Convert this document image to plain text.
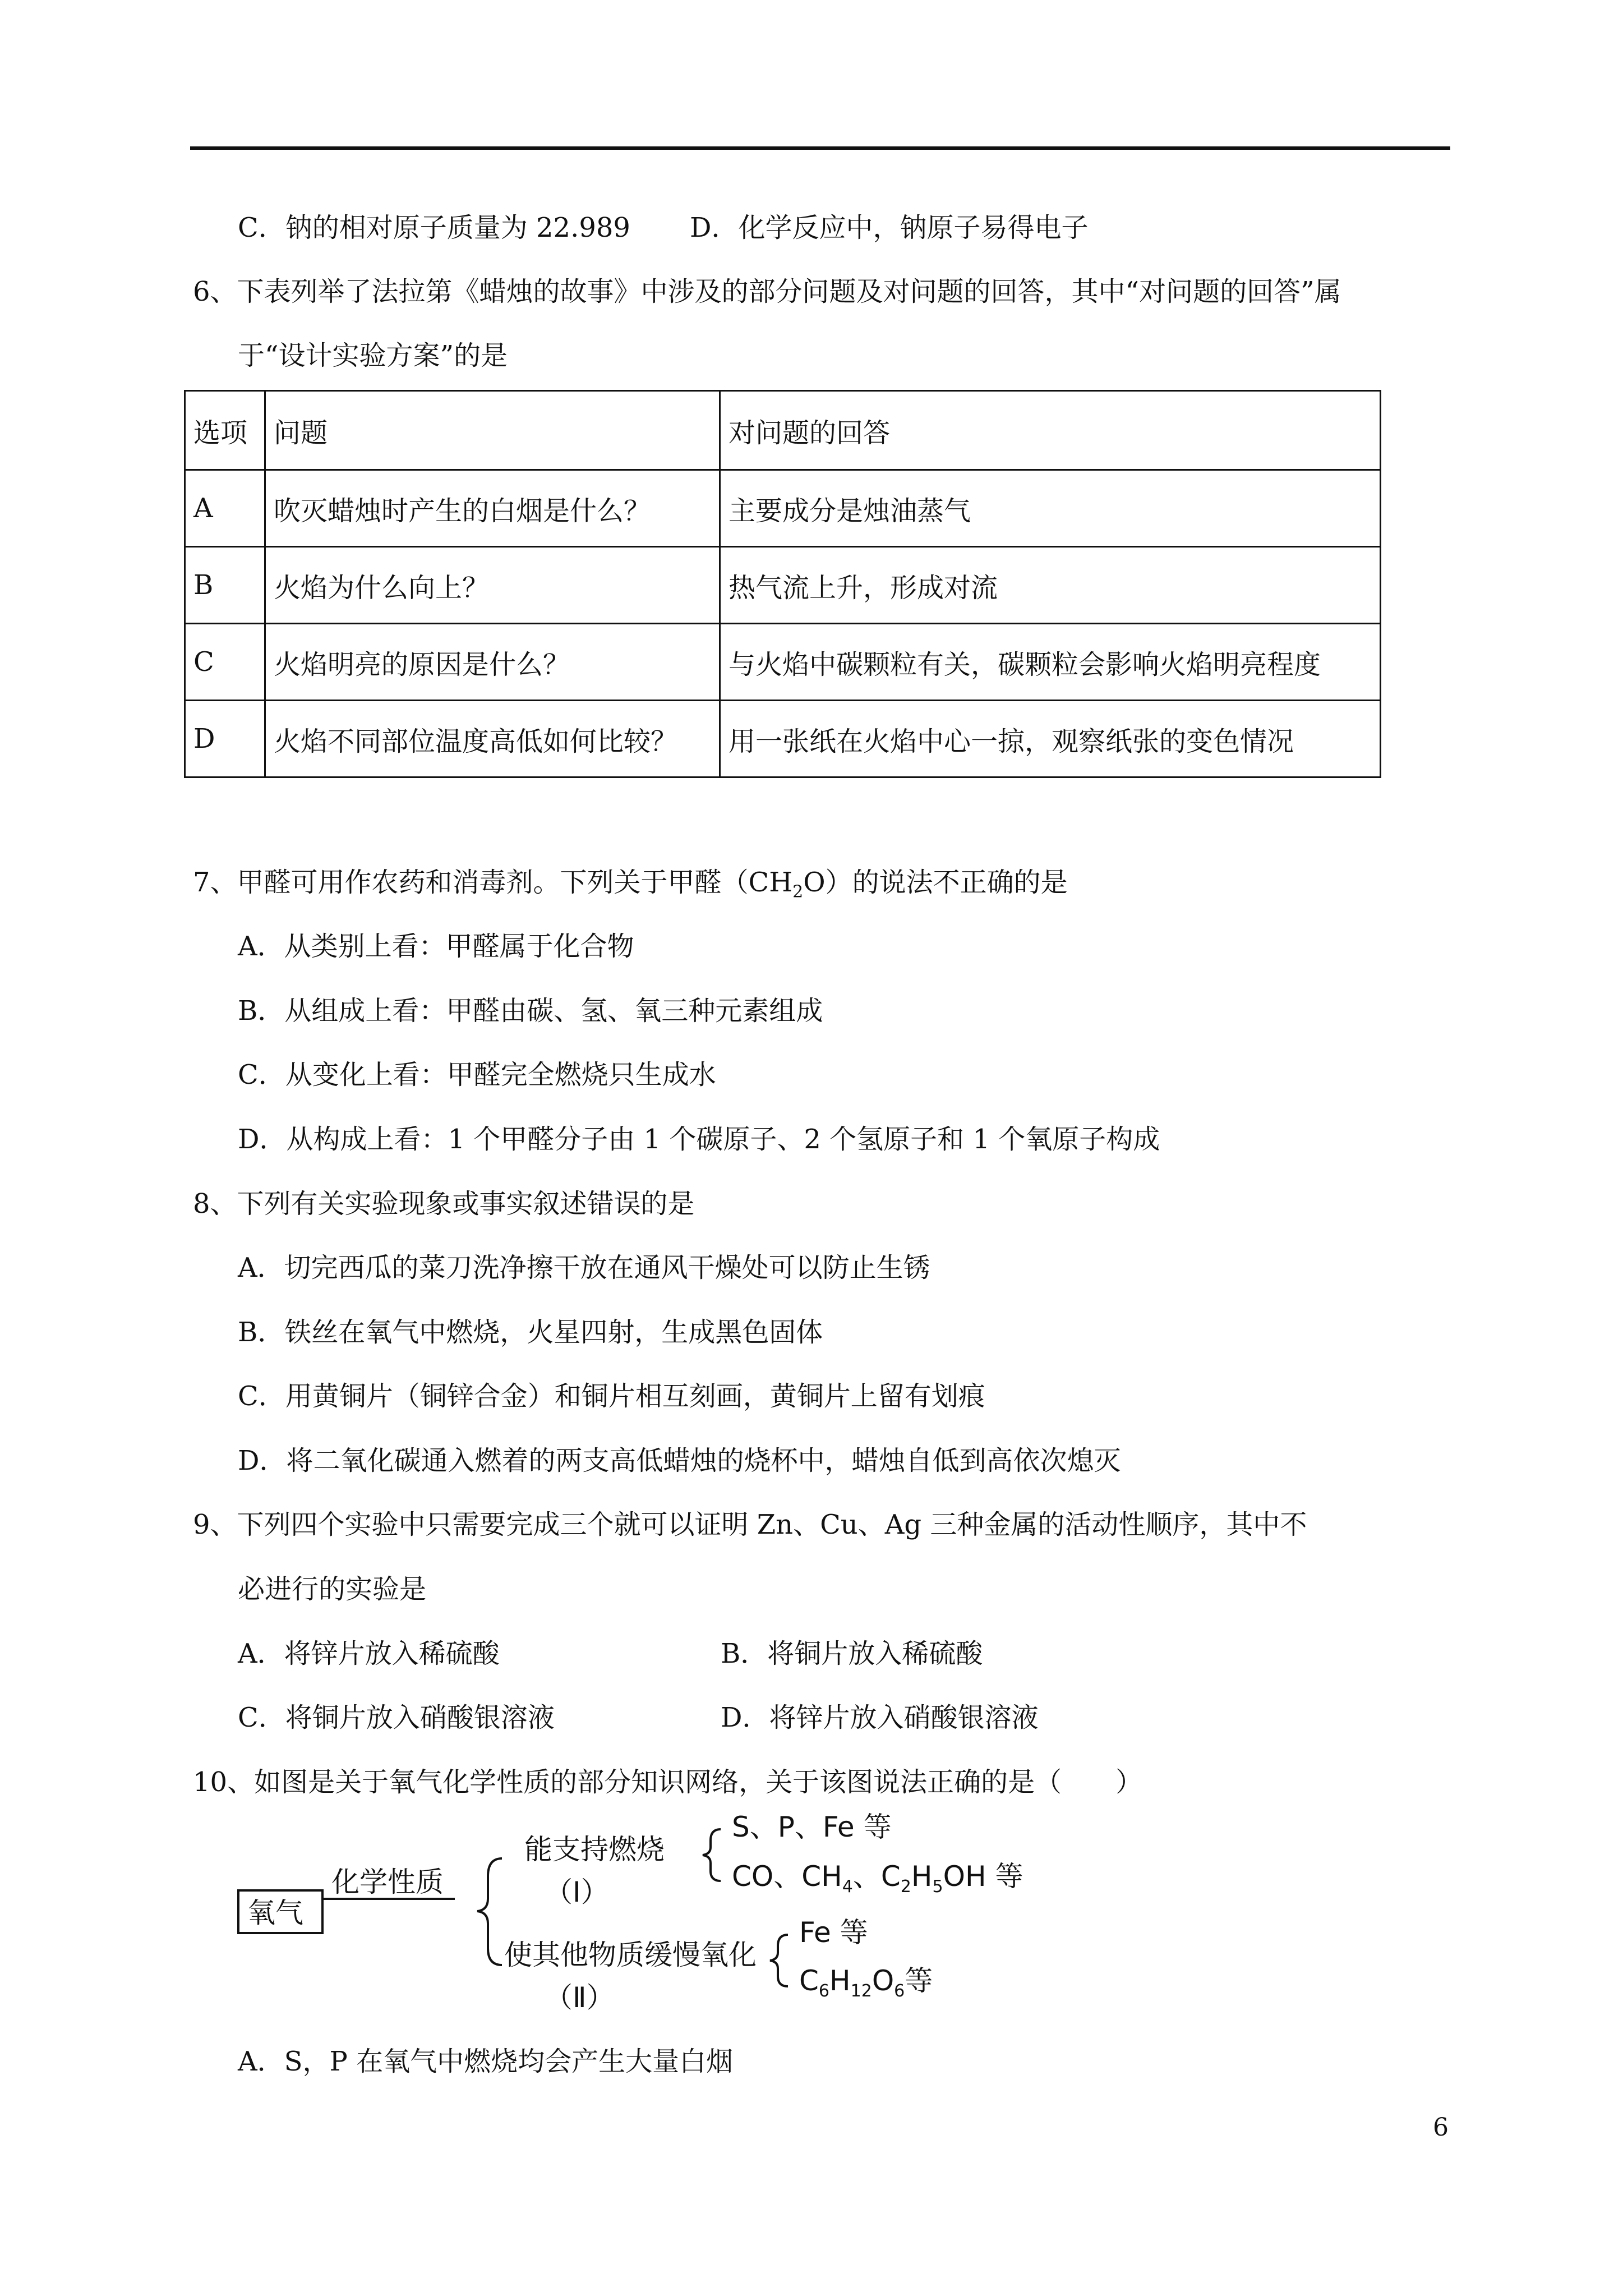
C．钠的相对原子质量为 22.989 D．化学反应中，钠原子易得电子
6、下表列举了法拉第《蜡烛的故事》中涉及的部分问题及对问题的回答，其中“对问题的回答”属
于“设计实验方案”的是
选项	问题	对问题的回答
A	吹灭蜡烛时产生的白烟是什么？	主要成分是烛油蒸气
B	火焰为什么向上？	热气流上升，形成对流
C	火焰明亮的原因是什么？	与火焰中碳颗粒有关，碳颗粒会影响火焰明亮程度
D	火焰不同部位温度高低如何比较？	用一张纸在火焰中心一掠，观察纸张的变色情况
7、甲醛可用作农药和消毒剂。下列关于甲醛$(CH_2O)$的说法不正确的是
A．从类别上看：甲醛属于化合物
B．从组成上看：甲醛由碳、氢、氧三种元素组成
C．从变化上看：甲醛完全燃烧只生成水
D．从构成上看：1 个甲醛分子由 1 个碳原子、2 个氢原子和 1 个氧原子构成
8、下列有关实验现象或事实叙述错误的是
A．切完西瓜的菜刀洗净擦干放在通风干燥处可以防止生锈
B．铁丝在氧气中燃烧，火星四射，生成黑色固体
C．用黄铜片（铜锌合金）和铜片相互刻画，黄铜片上留有划痕
D．将二氧化碳通入燃着的两支高低蜡烛的烧杯中，蜡烛自低到高依次熄灭
9、下列四个实验中只需要完成三个就可以证明 Zn、Cu、Ag 三种金属的活动性顺序，其中不
必进行的实验是
A．将锌片放入稀硫酸	B．将铜片放入稀硫酸
C．将铜片放入硝酸银溶液	D．将锌片放入硝酸银溶液
10、如图是关于氧气化学性质的部分知识网络，关于该图说法正确的是（　　）
氧气
化学性质
能支持燃烧
（Ⅰ）
S、P、Fe 等
CO、$CH_4$、$C_2H_5OH$ 等
使其他物质缓慢氧化
（Ⅱ）
Fe 等
$C_6H_{12}O_6$等
A．S，P 在氧气中燃烧均会产生大量白烟
6
